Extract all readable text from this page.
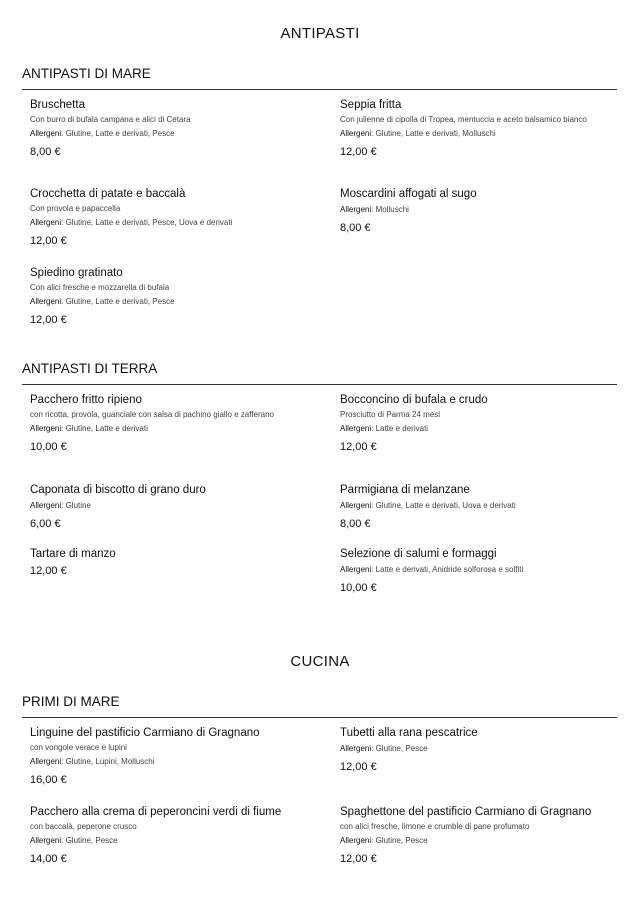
ANTIPASTI
ANTIPASTI DI MARE
Bruschetta
Con burro di bufala campana e alici di Cetara
Allergeni: Glutine, Latte e derivati, Pesce
8,00 €
Seppia fritta
Con julienne di cipolla di Tropea, mentuccia e aceto balsamico bianco
Allergeni: Glutine, Latte e derivati, Molluschi
12,00 €
Crocchetta di patate e baccalà
Con provola e papaccella
Allergeni: Glutine, Latte e derivati, Pesce, Uova e derivati
12,00 €
Moscardini affogati al sugo
Allergeni: Molluschi
8,00 €
Spiedino gratinato
Con alici fresche e mozzarella di bufala
Allergeni: Glutine, Latte e derivati, Pesce
12,00 €
ANTIPASTI DI TERRA
Pacchero fritto ripieno
con ricotta, provola, guanciale con salsa di pachino giallo e zafferano
Allergeni: Glutine, Latte e derivati
10,00 €
Bocconcino di bufala e crudo
Prosciutto di Parma 24 mesi
Allergeni: Latte e derivati
12,00 €
Caponata di biscotto di grano duro
Allergeni: Glutine
6,00 €
Parmigiana di melanzane
Allergeni: Glutine, Latte e derivati, Uova e derivati
8,00 €
Tartare di manzo
12,00 €
Selezione di salumi e formaggi
Allergeni: Latte e derivati, Anidride solforosa e solfiti
10,00 €
CUCINA
PRIMI DI MARE
Linguine del pastificio Carmiano di Gragnano
con vongole verace e lupini
Allergeni: Glutine, Lupini, Molluschi
16,00 €
Tubetti alla rana pescatrice
Allergeni: Glutine, Pesce
12,00 €
Pacchero alla crema di peperoncini verdi di fiume
con baccalà, peperone crusco
Allergeni: Glutine, Pesce
14,00 €
Spaghettone del pastificio Carmiano di Gragnano
con alici fresche, limone e crumble di pane profumato
Allergeni: Glutine, Pesce
12,00 €
